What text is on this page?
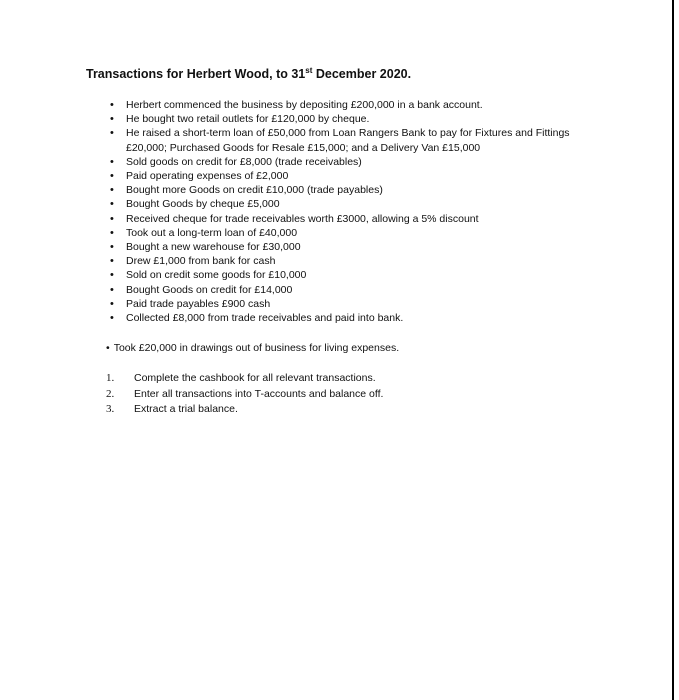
Transactions for Herbert Wood, to 31st December 2020.
• Herbert commenced the business by depositing £200,000 in a bank account.
• He bought two retail outlets for £120,000 by cheque.
• He raised a short-term loan of £50,000 from Loan Rangers Bank to pay for Fixtures and Fittings £20,000; Purchased Goods for Resale £15,000; and a Delivery Van £15,000
• Sold goods on credit for £8,000 (trade receivables)
• Paid operating expenses of £2,000
• Bought more Goods on credit £10,000 (trade payables)
• Bought Goods by cheque £5,000
• Received cheque for trade receivables worth £3000, allowing a 5% discount
• Took out a long-term loan of £40,000
• Bought a new warehouse for £30,000
• Drew £1,000 from bank for cash
• Sold on credit some goods for £10,000
• Bought Goods on credit for £14,000
• Paid trade payables £900 cash
• Collected £8,000 from trade receivables and paid into bank.
• Took £20,000 in drawings out of business for living expenses.
1. Complete the cashbook for all relevant transactions.
2. Enter all transactions into T-accounts and balance off.
3. Extract a trial balance.
